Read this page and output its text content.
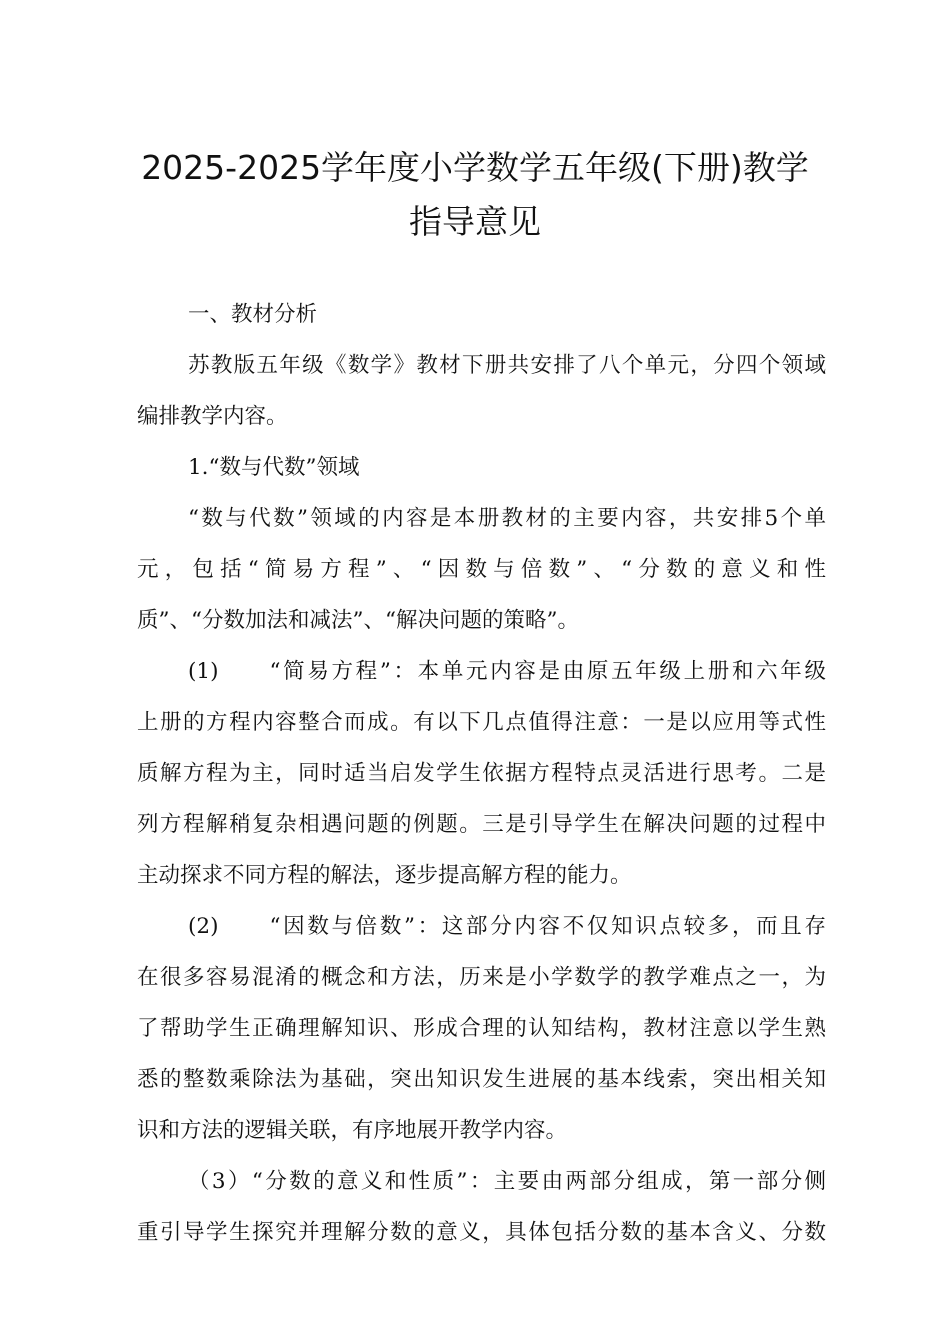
2025-2025学年度小学数学五年级(下册)教学
指导意见
一、教材分析
苏教版五年级《数学》教材下册共安排了八个单元，分四个领域
编排教学内容。
1.“数与代数”领域
“数与代数”领域的内容是本册教材的主要内容，共安排5个单
元，包括“简易方程”、“因数与倍数”、“分数的意义和性
质”、“分数加法和减法”、“解决问题的策略”。
(1)　　“简易方程”：本单元内容是由原五年级上册和六年级
上册的方程内容整合而成。有以下几点值得注意：一是以应用等式性
质解方程为主，同时适当启发学生依据方程特点灵活进行思考。二是
列方程解稍复杂相遇问题的例题。三是引导学生在解决问题的过程中
主动探求不同方程的解法，逐步提高解方程的能力。
(2)　　“因数与倍数”：这部分内容不仅知识点较多，而且存
在很多容易混淆的概念和方法，历来是小学数学的教学难点之一，为
了帮助学生正确理解知识、形成合理的认知结构，教材注意以学生熟
悉的整数乘除法为基础，突出知识发生进展的基本线索，突出相关知
识和方法的逻辑关联，有序地展开教学内容。
（3）“分数的意义和性质”：主要由两部分组成，第一部分侧
重引导学生探究并理解分数的意义，具体包括分数的基本含义、分数
